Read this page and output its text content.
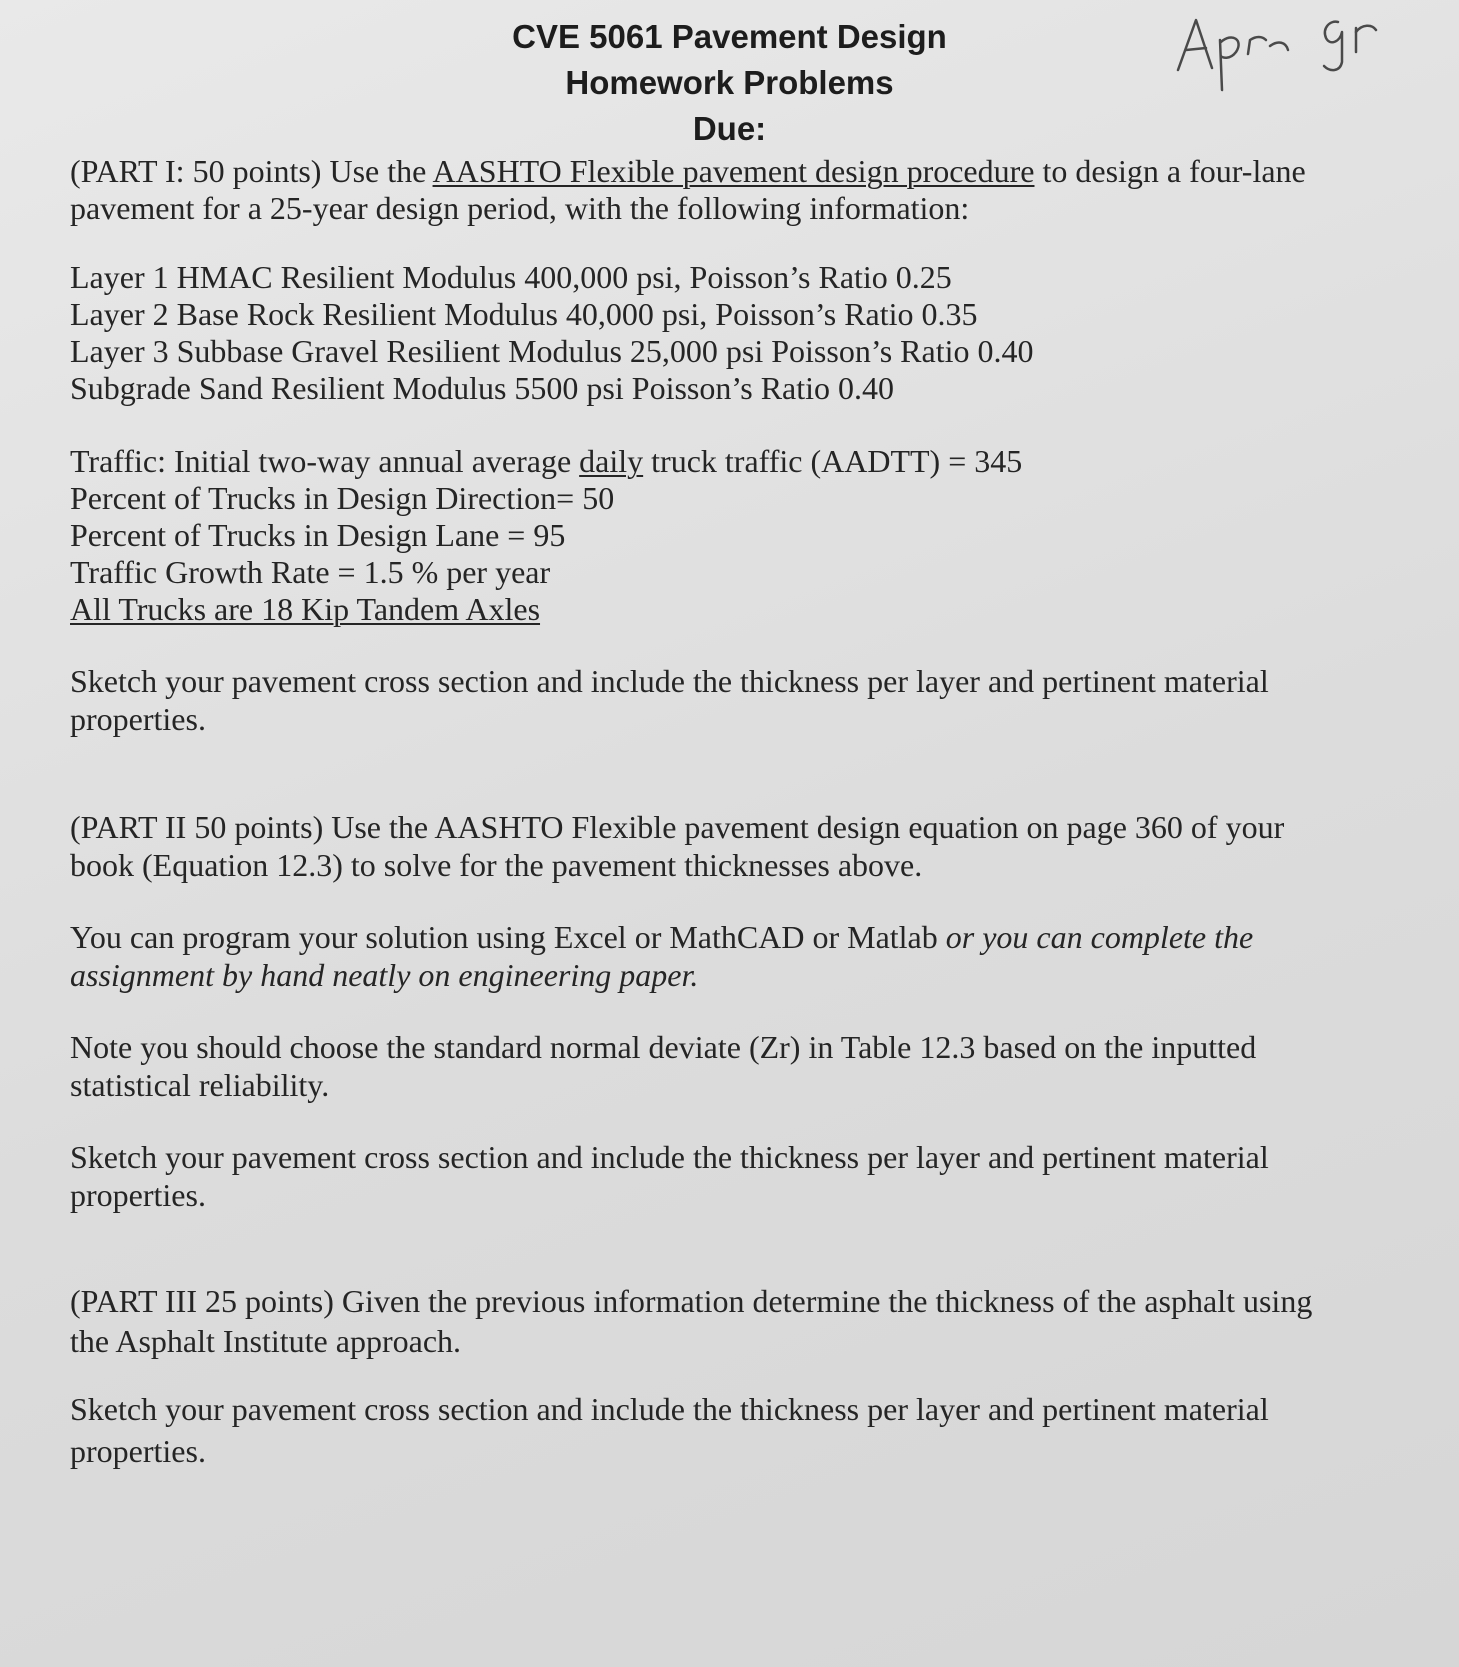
CVE 5061 Pavement Design
Homework Problems
Due:
(PART I: 50 points) Use the AASHTO Flexible pavement design procedure to design a four-lane
pavement for a 25-year design period, with the following information:
Layer 1 HMAC Resilient Modulus 400,000 psi, Poisson’s Ratio 0.25
Layer 2 Base Rock Resilient Modulus 40,000 psi, Poisson’s Ratio 0.35
Layer 3 Subbase Gravel Resilient Modulus 25,000 psi Poisson’s Ratio 0.40
Subgrade Sand Resilient Modulus 5500 psi Poisson’s Ratio 0.40
Traffic: Initial two-way annual average daily truck traffic (AADTT) = 345
Percent of Trucks in Design Direction= 50
Percent of Trucks in Design Lane = 95
Traffic Growth Rate = 1.5 % per year
All Trucks are 18 Kip Tandem Axles
Sketch your pavement cross section and include the thickness per layer and pertinent material
properties.
(PART II 50 points) Use the AASHTO Flexible pavement design equation on page 360 of your
book (Equation 12.3) to solve for the pavement thicknesses above.
You can program your solution using Excel or MathCAD or Matlab or you can complete the
assignment by hand neatly on engineering paper.
Note you should choose the standard normal deviate (Zr) in Table 12.3 based on the inputted
statistical reliability.
Sketch your pavement cross section and include the thickness per layer and pertinent material
properties.
(PART III 25 points) Given the previous information determine the thickness of the asphalt using
the Asphalt Institute approach.
Sketch your pavement cross section and include the thickness per layer and pertinent material
properties.
